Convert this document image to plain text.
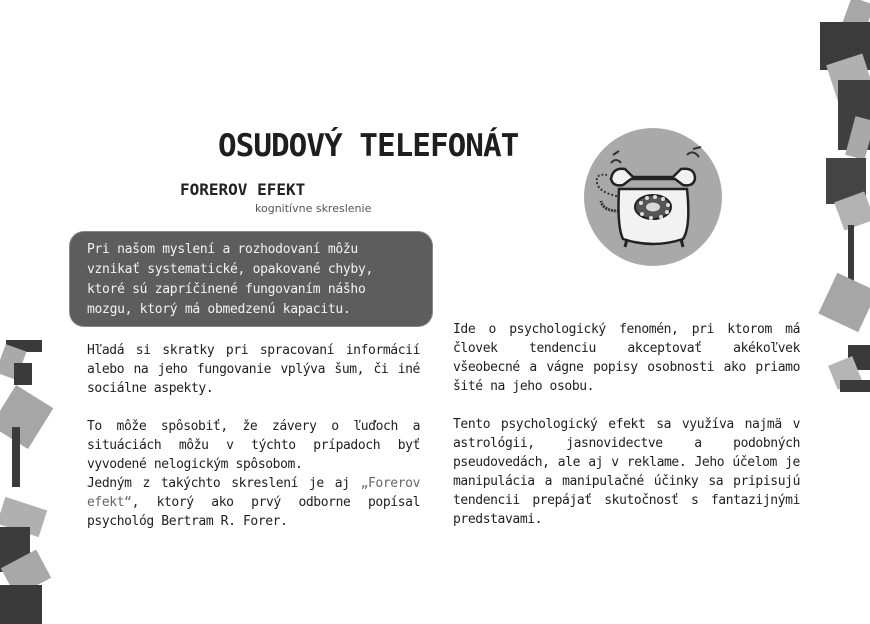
OSUDOVÝ TELEFONÁT
FOREROV EFEKT
kognitívne skreslenie

Pri našom myslení a rozhodovaní môžu vznikať systematické, opakované chyby, ktoré sú zapríčinené fungovaním nášho mozgu, ktorý má obmedzenú kapacitu.

Hľadá si skratky pri spracovaní informácií alebo na jeho fungovanie vplýva šum, či iné sociálne aspekty.

To môže spôsobiť, že závery o ľuďoch a situáciách môžu v týchto prípadoch byť vyvodené nelogickým spôsobom.

Jedným z takýchto skreslení je aj „Forerov efekt“, ktorý ako prvý odborne popísal psychológ Bertram R. Forer.

Ide o psychologický fenomén, pri ktorom má človek tendenciu akceptovať akékoľvek všeobecné a vágne popisy osobnosti ako priamo šité na jeho osobu.

Tento psychologický efekt sa využíva najmä v astrológii, jasnovidectve a podobných pseudovedách, ale aj v reklame. Jeho účelom je manipulácia a manipulačné účinky sa pripisujú tendencii prepájať skutočnosť s fantazijnými predstavami.
